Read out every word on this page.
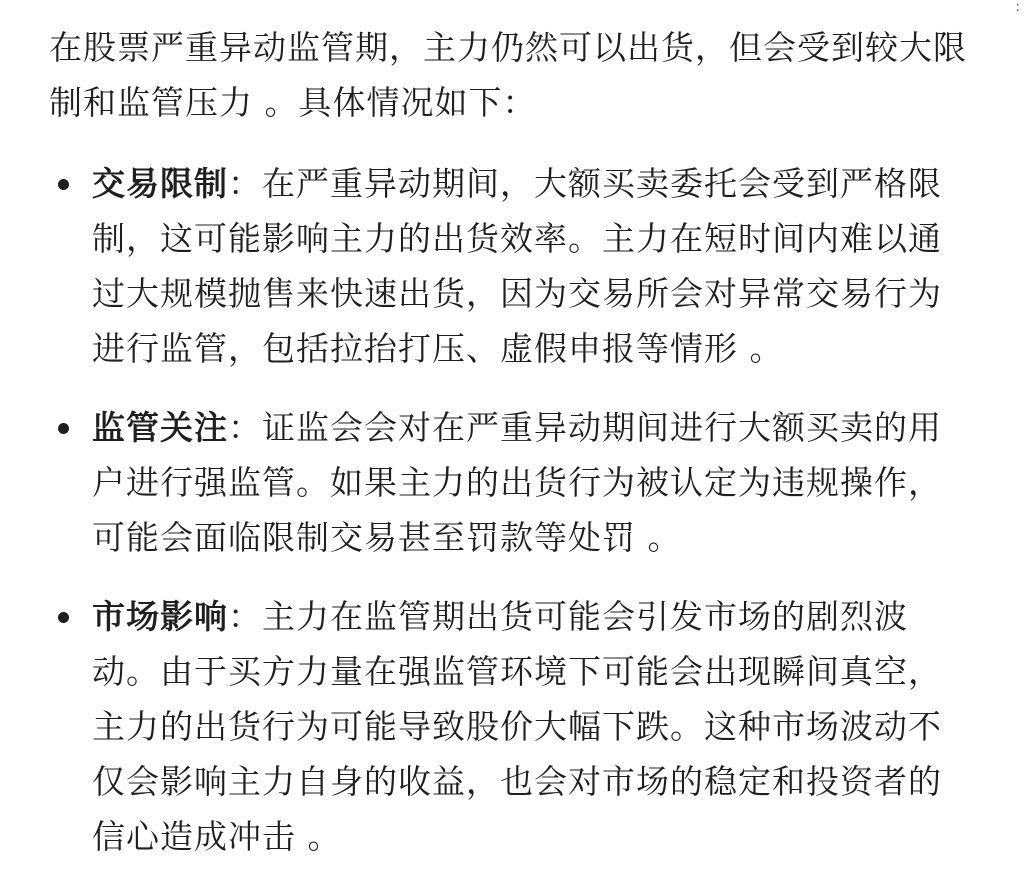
:

在股票严重异动监管期，主力仍然可以出货，但会受到较大限制和监管压力 。具体情况如下：

交易限制：在严重异动期间，大额买卖委托会受到严格限制，这可能影响主力的出货效率。主力在短时间内难以通过大规模抛售来快速出货，因为交易所会对异常交易行为进行监管，包括拉抬打压、虚假申报等情形 。
监管关注：证监会会对在严重异动期间进行大额买卖的用户进行强监管。如果主力的出货行为被认定为违规操作，可能会面临限制交易甚至罚款等处罚 。
市场影响：主力在监管期出货可能会引发市场的剧烈波动。由于买方力量在强监管环境下可能会出现瞬间真空，主力的出货行为可能导致股价大幅下跌。这种市场波动不仅会影响主力自身的收益，也会对市场的稳定和投资者的信心造成冲击 。
